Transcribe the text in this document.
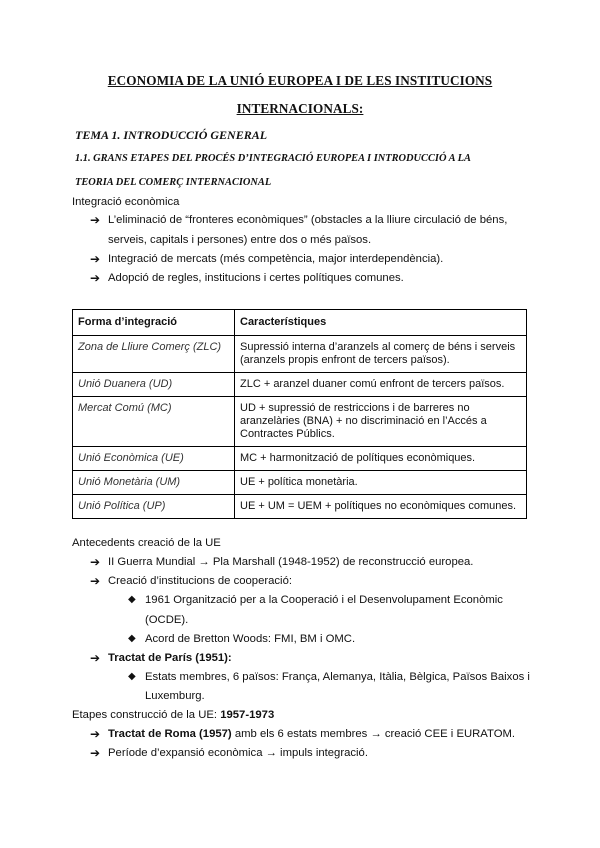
ECONOMIA DE LA UNIÓ EUROPEA I DE LES INSTITUCIONS
INTERNACIONALS:
TEMA 1. INTRODUCCIÓ GENERAL
1.1. GRANS ETAPES DEL PROCÉS D’INTEGRACIÓ EUROPEA I INTRODUCCIÓ A LA
TEORIA DEL COMERÇ INTERNACIONAL
Integració econòmica
➔ L’eliminació de “fronteres econòmiques” (obstacles a la lliure circulació de béns,
serveis, capitals i persones) entre dos o més països.
➔ Integració de mercats (més competència, major interdependència).
➔ Adopció de regles, institucions i certes polítiques comunes.
Forma d’integració	Característiques
Zona de Lliure Comerç (ZLC)	Supressió interna d’aranzels al comerç de béns i serveis (aranzels propis enfront de tercers països).
Unió Duanera (UD)	ZLC + aranzel duaner comú enfront de tercers països.
Mercat Comú (MC)	UD + supressió de restriccions i de barreres no aranzelàries (BNA) + no discriminació en l’Accés a Contractes Públics.
Unió Econòmica (UE)	MC + harmonització de polítiques econòmiques.
Unió Monetària (UM)	UE + política monetària.
Unió Política (UP)	UE + UM = UEM + polítiques no econòmiques comunes.
Antecedents creació de la UE
➔ II Guerra Mundial → Pla Marshall (1948-1952) de reconstrucció europea.
➔ Creació d’institucions de cooperació:
◆ 1961 Organització per a la Cooperació i el Desenvolupament Econòmic
(OCDE).
◆ Acord de Bretton Woods: FMI, BM i OMC.
➔ Tractat de París (1951):
◆ Estats membres, 6 països: França, Alemanya, Itàlia, Bèlgica, Països Baixos i
Luxemburg.
Etapes construcció de la UE: 1957-1973
➔ Tractat de Roma (1957) amb els 6 estats membres → creació CEE i EURATOM.
➔ Període d’expansió econòmica → impuls integració.
